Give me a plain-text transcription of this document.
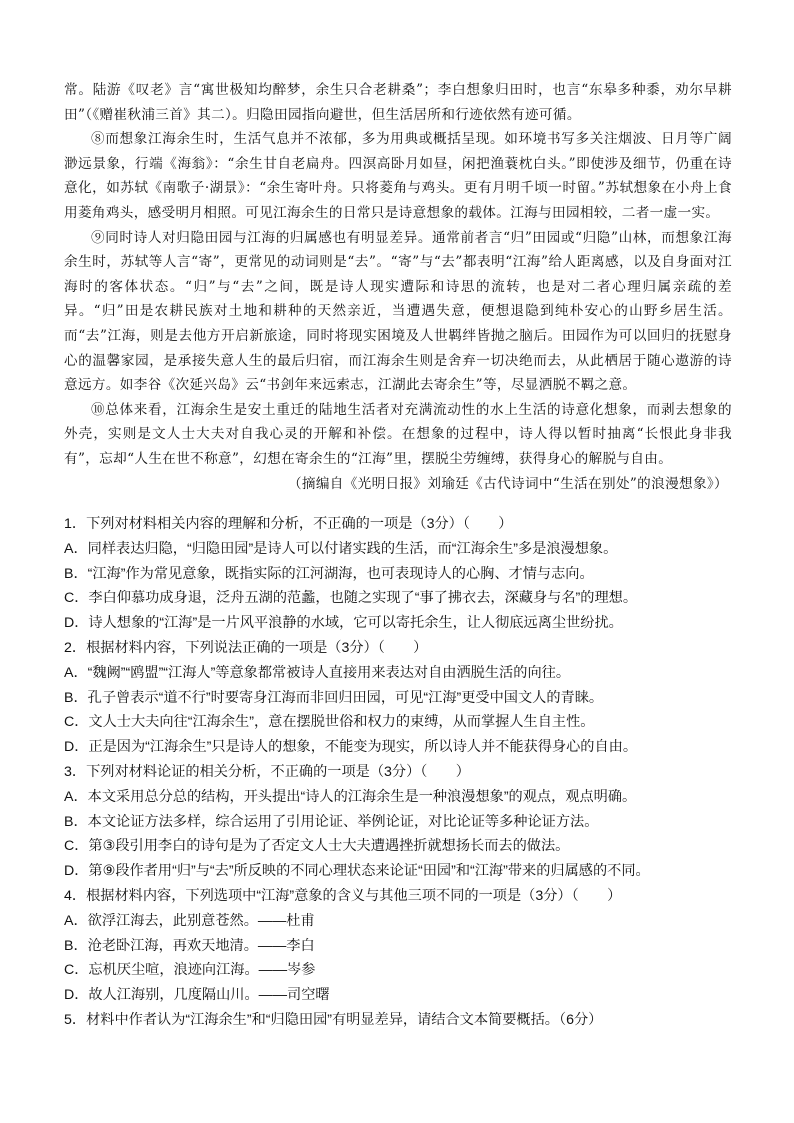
常。陆游《叹老》言“寓世极知均醉梦，余生只合老耕桑”；李白想象归田时，也言“东皋多种黍，劝尔早耕田”（《赠崔秋浦三首》其二）。归隐田园指向避世，但生活居所和行迹依然有迹可循。

⑧而想象江海余生时，生活气息并不浓郁，多为用典或概括呈现。如环境书写多关注烟波、日月等广阔渺远景象，行端《海翁》：“余生甘自老扁舟。四溟高卧月如昼，闲把渔蓑枕白头。”即使涉及细节，仍重在诗意化，如苏轼《南歌子·湖景》：“余生寄叶舟。只将菱角与鸡头。更有月明千顷一时留。”苏轼想象在小舟上食用菱角鸡头，感受明月相照。可见江海余生的日常只是诗意想象的载体。江海与田园相较，二者一虚一实。

⑨同时诗人对归隐田园与江海的归属感也有明显差异。通常前者言“归”田园或“归隐”山林，而想象江海余生时，苏轼等人言“寄”，更常见的动词则是“去”。“寄”与“去”都表明“江海”给人距离感，以及自身面对江海时的客体状态。“归”与“去”之间，既是诗人现实遭际和诗思的流转，也是对二者心理归属亲疏的差异。“归”田是农耕民族对土地和耕种的天然亲近，当遭遇失意，便想退隐到纯朴安心的山野乡居生活。而“去”江海，则是去他方开启新旅途，同时将现实困境及人世羁绊皆抛之脑后。田园作为可以回归的抚慰身心的温馨家园，是承接失意人生的最后归宿，而江海余生则是舍弃一切决绝而去，从此栖居于随心遨游的诗意远方。如李谷《次延兴岛》云“书剑年来远索志，江湖此去寄余生”等，尽显洒脱不羁之意。

⑩总体来看，江海余生是安土重迁的陆地生活者对充满流动性的水上生活的诗意化想象，而剥去想象的外壳，实则是文人士大夫对自我心灵的开解和补偿。在想象的过程中，诗人得以暂时抽离“长恨此身非我有”，忘却“人生在世不称意”，幻想在寄余生的“江海”里，摆脱尘劳缠缚，获得身心的解脱与自由。

（摘编自《光明日报》刘瑜廷《古代诗词中“生活在别处”的浪漫想象》）

1．下列对材料相关内容的理解和分析，不正确的一项是（3分）（　　）

A．同样表达归隐，“归隐田园”是诗人可以付诸实践的生活，而“江海余生”多是浪漫想象。

B．“江海”作为常见意象，既指实际的江河湖海，也可表现诗人的心胸、才情与志向。

C．李白仰慕功成身退，泛舟五湖的范蠡，也随之实现了“事了拂衣去，深藏身与名”的理想。

D．诗人想象的“江海”是一片风平浪静的水域，它可以寄托余生，让人彻底远离尘世纷扰。

2．根据材料内容，下列说法正确的一项是（3分）（　　）

A．“魏阙”“鸥盟”“江海人”等意象都常被诗人直接用来表达对自由洒脱生活的向往。

B．孔子曾表示“道不行”时要寄身江海而非回归田园，可见“江海”更受中国文人的青睐。

C．文人士大夫向往“江海余生”，意在摆脱世俗和权力的束缚，从而掌握人生自主性。

D．正是因为“江海余生”只是诗人的想象，不能变为现实，所以诗人并不能获得身心的自由。

3．下列对材料论证的相关分析，不正确的一项是（3分）（　　）

A．本文采用总分总的结构，开头提出“诗人的江海余生是一种浪漫想象”的观点，观点明确。

B．本文论证方法多样，综合运用了引用论证、举例论证，对比论证等多种论证方法。

C．第③段引用李白的诗句是为了否定文人士大夫遭遇挫折就想扬长而去的做法。

D．第⑨段作者用“归”与“去”所反映的不同心理状态来论证“田园”和“江海”带来的归属感的不同。

4．根据材料内容，下列选项中“江海”意象的含义与其他三项不同的一项是（3分）（　　）

A．欲浮江海去，此别意苍然。——杜甫

B．沧老卧江海，再欢天地清。——李白

C．忘机厌尘喧，浪迹向江海。——岑参

D．故人江海别，几度隔山川。——司空曙

5．材料中作者认为“江海余生”和“归隐田园”有明显差异，请结合文本简要概括。（6分）
